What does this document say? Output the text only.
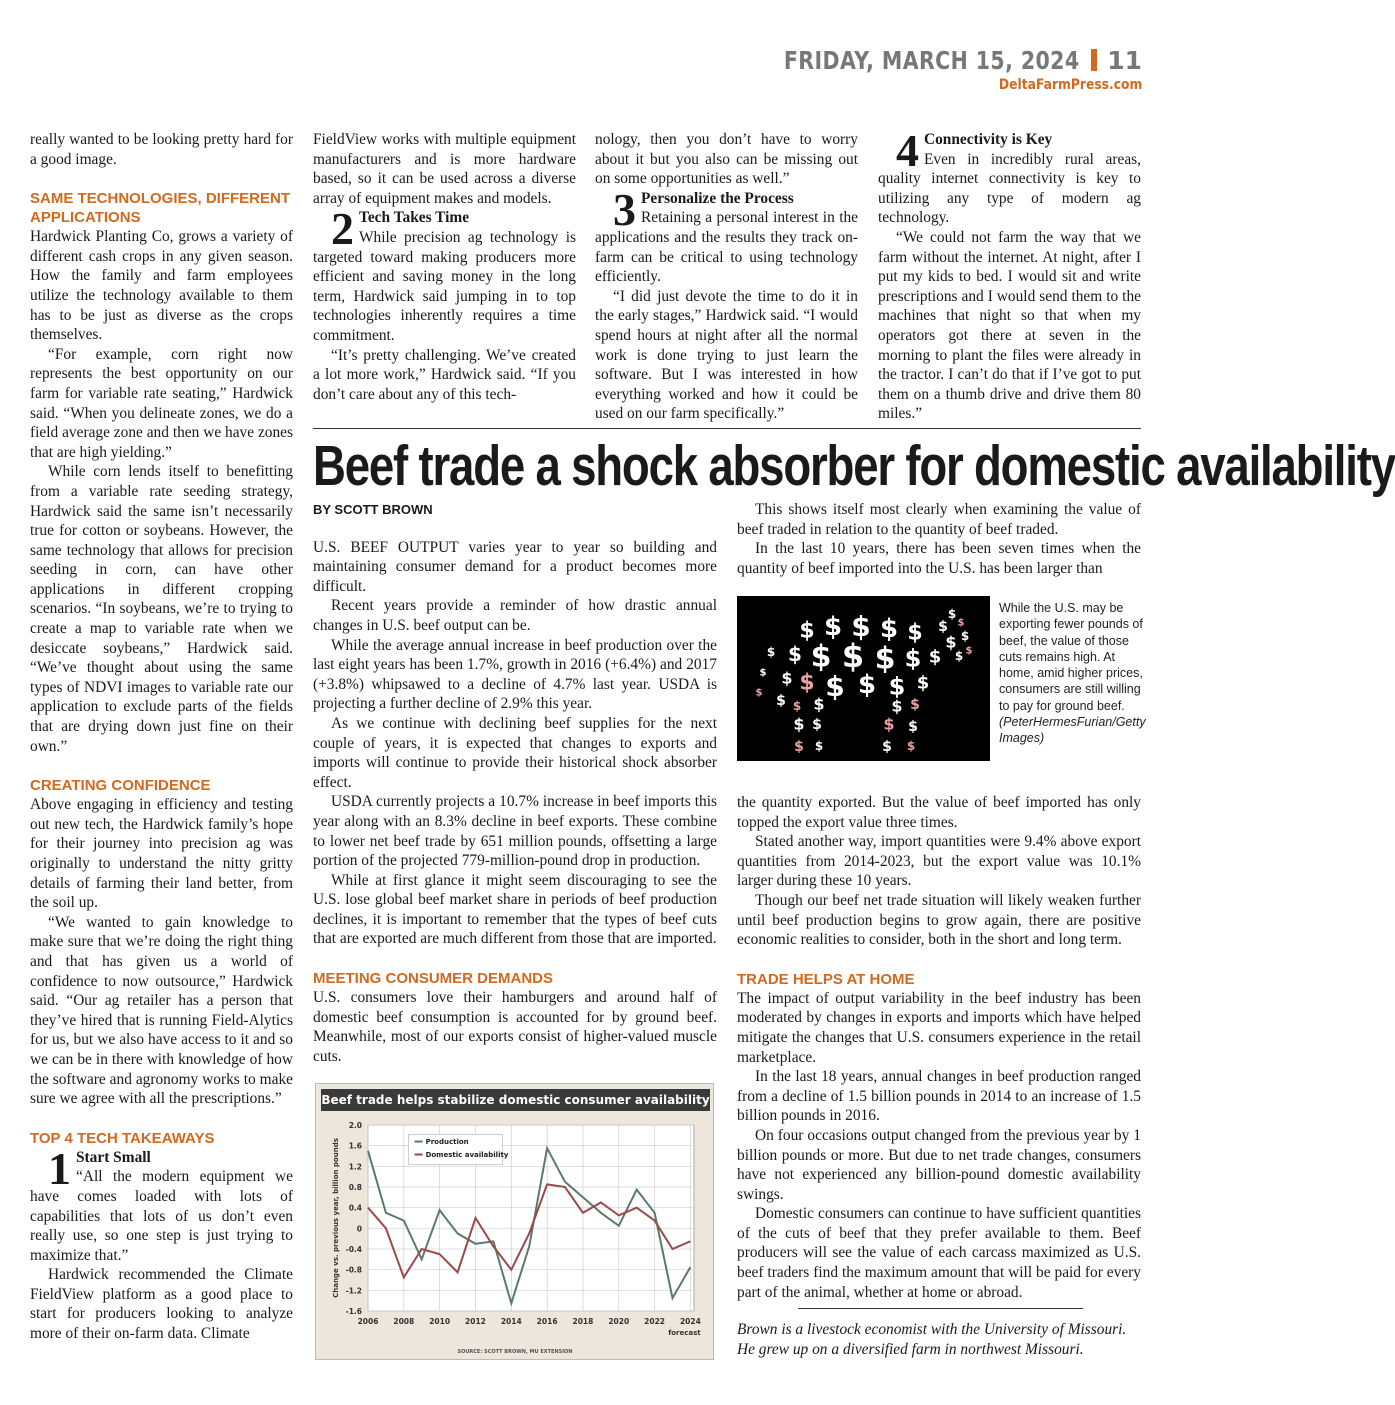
FRIDAY, MARCH 15, 2024 11
DeltaFarmPress.com

really wanted to be looking pretty hard for a good image.

SAME TECHNOLOGIES, DIFFERENT APPLICATIONS

Hardwick Planting Co, grows a variety of different cash crops in any given season. How the family and farm employees utilize the technology available to them has to be just as diverse as the crops themselves.

“For example, corn right now represents the best opportunity on our farm for variable rate seating,” Hardwick said. “When you delineate zones, we do a field average zone and then we have zones that are high yielding.”

While corn lends itself to benefitting from a variable rate seeding strategy, Hardwick said the same isn’t necessarily true for cotton or soybeans. However, the same technology that allows for precision seeding in corn, can have other applications in different cropping scenarios. “In soybeans, we’re to trying to create a map to variable rate when we desiccate soybeans,” Hardwick said. “We’ve thought about using the same types of NDVI images to variable rate our application to exclude parts of the fields that are drying down just fine on their own.”

CREATING CONFIDENCE

Above engaging in efficiency and testing out new tech, the Hardwick family’s hope for their journey into precision ag was originally to understand the nitty gritty details of farming their land better, from the soil up.

“We wanted to gain knowledge to make sure that we’re doing the right thing and that has given us a world of confidence to now outsource,” Hardwick said. “Our ag retailer has a person that they’ve hired that is running Field-Alytics for us, but we also have access to it and so we can be in there with knowledge of how the software and agronomy works to make sure we agree with all the prescriptions.”

TOP 4 TECH TAKEAWAYS
1 Start Small

“All the modern equipment we have comes loaded with lots of capabilities that lots of us don’t even really use, so one step is just trying to maximize that.”

Hardwick recommended the Climate FieldView platform as a good place to start for producers looking to analyze more of their on-farm data. Climate

FieldView works with multiple equipment manufacturers and is more hardware based, so it can be used across a diverse array of equipment makes and models.

2 Tech Takes Time

While precision ag technology is targeted toward making producers more efficient and saving money in the long term, Hardwick said jumping in to top technologies inherently requires a time commitment.

“It’s pretty challenging. We’ve created a lot more work,” Hardwick said. “If you don’t care about any of this tech-

nology, then you don’t have to worry about it but you also can be missing out on some opportunities as well.”

3 Personalize the Process

Retaining a personal interest in the applications and the results they track on-farm can be critical to using technology efficiently.

“I did just devote the time to do it in the early stages,” Hardwick said. “I would spend hours at night after all the normal work is done trying to just learn the software. But I was interested in how everything worked and how it could be used on our farm specifically.”

4 Connectivity is Key

Even in incredibly rural areas, quality internet connectivity is key to utilizing any type of modern ag technology.

“We could not farm the way that we farm without the internet. At night, after I put my kids to bed. I would sit and write prescriptions and I would send them to the machines that night so that when my operators got there at seven in the morning to plant the files were already in the tractor. I can’t do that if I’ve got to put them on a thumb drive and drive them 80 miles.”

Beef trade a shock absorber for domestic availability
BY SCOTT BROWN

U.S. BEEF OUTPUT varies year to year so building and maintaining consumer demand for a product becomes more difficult.

Recent years provide a reminder of how drastic annual changes in U.S. beef output can be.

While the average annual increase in beef production over the last eight years has been 1.7%, growth in 2016 (+6.4%) and 2017 (+3.8%) whipsawed to a decline of 4.7% last year. USDA is projecting a further decline of 2.9% this year.

As we continue with declining beef supplies for the next couple of years, it is expected that changes to exports and imports will continue to provide their historical shock absorber effect.

USDA currently projects a 10.7% increase in beef imports this year along with an 8.3% decline in beef exports. These combine to lower net beef trade by 651 million pounds, offsetting a large portion of the projected 779-million-pound drop in production.

While at first glance it might seem discouraging to see the U.S. lose global beef market share in periods of beef production declines, it is important to remember that the types of beef cuts that are exported are much different from those that are imported.

MEETING CONSUMER DEMANDS

U.S. consumers love their hamburgers and around half of domestic beef consumption is accounted for by ground beef. Meanwhile, most of our exports consist of higher-valued muscle cuts.

This shows itself most clearly when examining the value of beef traded in relation to the quantity of beef traded.

In the last 10 years, there has been seven times when the quantity of beef imported into the U.S. has been larger than

$
$
$
$
$ $
$
$ $ $ $ $
$ $ $ $ $ $
$ $ $ $ $ $
$ $ $	$ $
$ $	$ $
$ $	$ $
$
$
$
While the U.S. may be exporting fewer pounds of beef, the value of those cuts remains high. At home, amid higher prices, consumers are still willing to pay for ground beef.
(PeterHermesFurian/Getty Images)

the quantity exported. But the value of beef imported has only topped the export value three times.

Stated another way, import quantities were 9.4% above export quantities from 2014-2023, but the export value was 10.1% larger during these 10 years.

Though our beef net trade situation will likely weaken further until beef production begins to grow again, there are positive economic realities to consider, both in the short and long term.

TRADE HELPS AT HOME

The impact of output variability in the beef industry has been moderated by changes in exports and imports which have helped mitigate the changes that U.S. consumers experience in the retail marketplace.

In the last 18 years, annual changes in beef production ranged from a decline of 1.5 billion pounds in 2014 to an increase of 1.5 billion pounds in 2016.

On four occasions output changed from the previous year by 1 billion pounds or more. But due to net trade changes, consumers have not experienced any billion-pound domestic availability swings.

Domestic consumers can continue to have sufficient quantities of the cuts of beef that they prefer available to them. Beef producers will see the value of each carcass maximized as U.S. beef traders find the maximum amount that will be paid for every part of the animal, whether at home or abroad.

Brown is a livestock economist with the University of Missouri. He grew up on a diversified farm in northwest Missouri.
Beef trade helps stabilize domestic consumer availability
2.0
1.6
1.2
0.8
0.4
0
-0.4
-0.8
-1.2
-1.6
2006 2008 2010 2012 2014 2016 2018 2020 2022 2024
forecast
Change vs. previous year, billion pounds	Production
Domestic availability
SOURCE: SCOTT BROWN, MU EXTENSION
